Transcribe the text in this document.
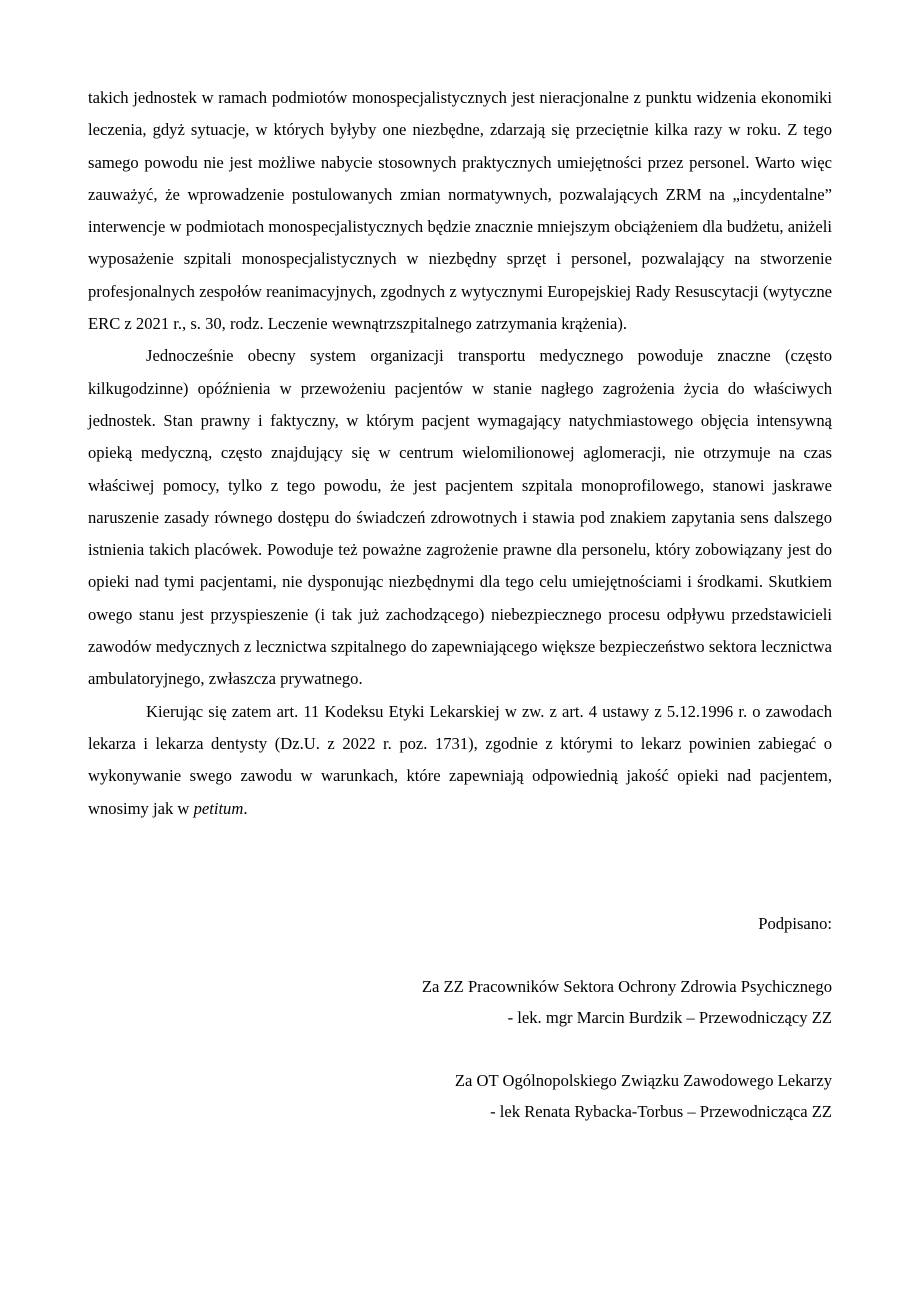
takich jednostek w ramach podmiotów monospecjalistycznych jest nieracjonalne z punktu widzenia ekonomiki leczenia, gdyż sytuacje, w których byłyby one niezbędne, zdarzają się przeciętnie kilka razy w roku. Z tego samego powodu nie jest możliwe nabycie stosownych praktycznych umiejętności przez personel. Warto więc zauważyć, że wprowadzenie postulowanych zmian normatywnych, pozwalających ZRM na „incydentalne” interwencje w podmiotach monospecjalistycznych będzie znacznie mniejszym obciążeniem dla budżetu, aniżeli wyposażenie szpitali monospecjalistycznych w niezbędny sprzęt i personel, pozwalający na stworzenie profesjonalnych zespołów reanimacyjnych, zgodnych z wytycznymi Europejskiej Rady Resuscytacji (wytyczne ERC z 2021 r., s. 30, rodz. Leczenie wewnątrzszpitalnego zatrzymania krążenia).

Jednocześnie obecny system organizacji transportu medycznego powoduje znaczne (często kilkugodzinne) opóźnienia w przewożeniu pacjentów w stanie nagłego zagrożenia życia do właściwych jednostek. Stan prawny i faktyczny, w którym pacjent wymagający natychmiastowego objęcia intensywną opieką medyczną, często znajdujący się w centrum wielomilionowej aglomeracji, nie otrzymuje na czas właściwej pomocy, tylko z tego powodu, że jest pacjentem szpitala monoprofilowego, stanowi jaskrawe naruszenie zasady równego dostępu do świadczeń zdrowotnych i stawia pod znakiem zapytania sens dalszego istnienia takich placówek. Powoduje też poważne zagrożenie prawne dla personelu, który zobowiązany jest do opieki nad tymi pacjentami, nie dysponując niezbędnymi dla tego celu umiejętnościami i środkami. Skutkiem owego stanu jest przyspieszenie (i tak już zachodzącego) niebezpiecznego procesu odpływu przedstawicieli zawodów medycznych z lecznictwa szpitalnego do zapewniającego większe bezpieczeństwo sektora lecznictwa ambulatoryjnego, zwłaszcza prywatnego.

Kierując się zatem art. 11 Kodeksu Etyki Lekarskiej w zw. z art. 4 ustawy z 5.12.1996 r. o zawodach lekarza i lekarza dentysty (Dz.U. z 2022 r. poz. 1731), zgodnie z którymi to lekarz powinien zabiegać o wykonywanie swego zawodu w warunkach, które zapewniają odpowiednią jakość opieki nad pacjentem, wnosimy jak w petitum.

Podpisano:

Za ZZ Pracowników Sektora Ochrony Zdrowia Psychicznego
- lek. mgr Marcin Burdzik – Przewodniczący ZZ
Za OT Ogólnopolskiego Związku Zawodowego Lekarzy
- lek Renata Rybacka-Torbus – Przewodnicząca ZZ
